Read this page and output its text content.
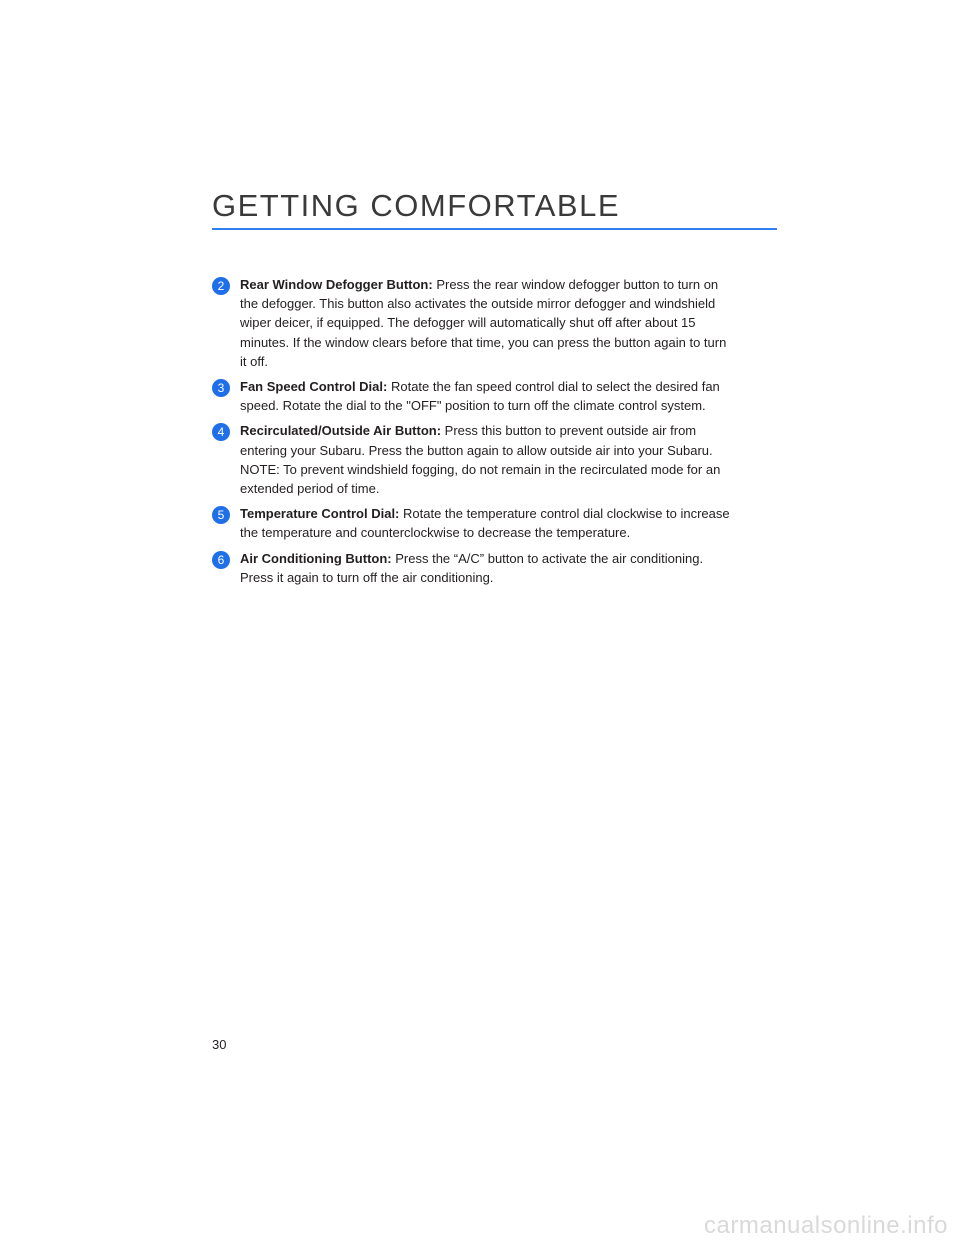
GETTING COMFORTABLE
2	Rear Window Defogger Button: Press the rear window defogger button to turn on the defogger. This button also activates the outside mirror defogger and windshield wiper deicer, if equipped. The defogger will automatically shut off after about 15 minutes. If the window clears before that time, you can press the button again to turn it off.
3	Fan Speed Control Dial: Rotate the fan speed control dial to select the desired fan speed. Rotate the dial to the "OFF" position to turn off the climate control system.
4	Recirculated/Outside Air Button: Press this button to prevent outside air from entering your Subaru. Press the button again to allow outside air into your Subaru. NOTE: To prevent windshield fogging, do not remain in the recirculated mode for an extended period of time.
5	Temperature Control Dial: Rotate the temperature control dial clockwise to increase the temperature and counterclockwise to decrease the temperature.
6	Air Conditioning Button: Press the “A/C” button to activate the air conditioning. Press it again to turn off the air conditioning.
30
carmanualsonline.info
